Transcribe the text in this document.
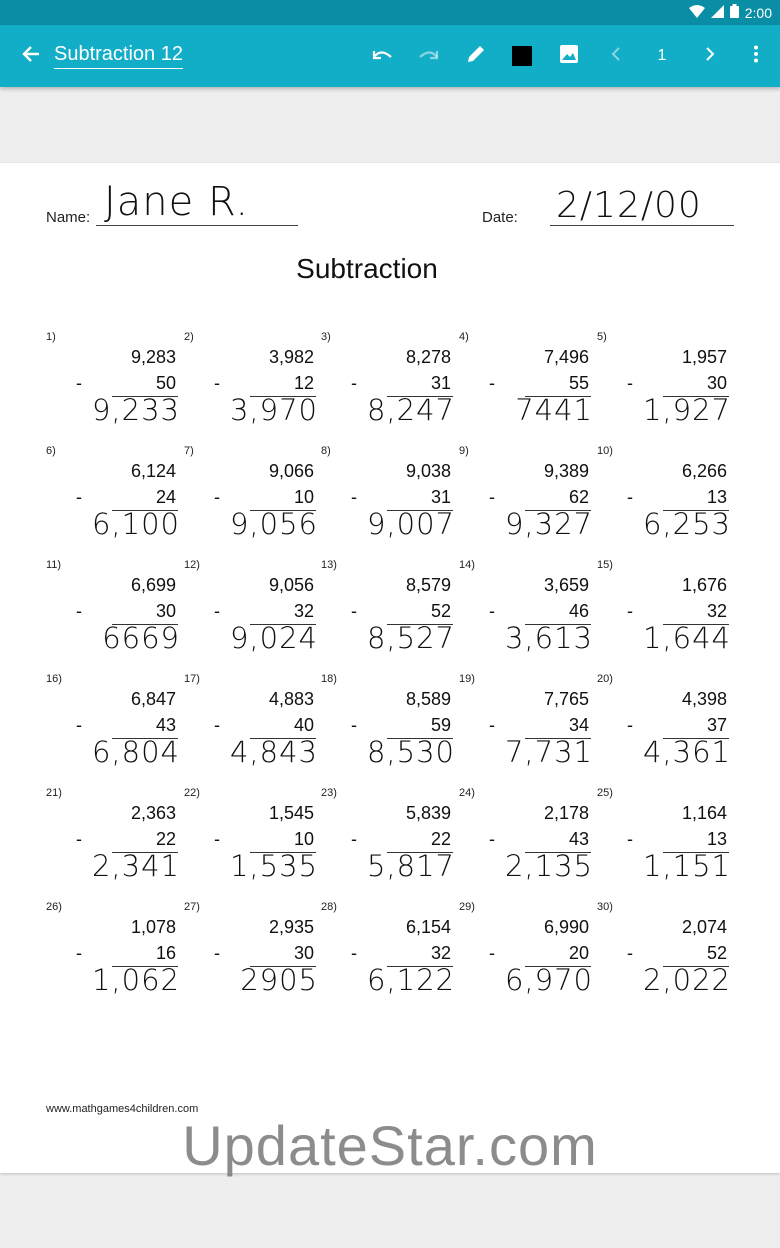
2:00
Subtraction 12	1
Name: Jane R.	Date: 2/12/00
Subtraction
1)
9,283
-	50
9,233
2)
3,982
-	12
3,970
3)
8,278
-	31
8,247
4)
7,496
-	55
7441
5)
1,957
-	30
1,927
6)
6,124
-	24
6,100
7)
9,066
-	10
9,056
8)
9,038
-	31
9,007
9)
9,389
-	62
9,327
10)
6,266
-	13
6,253
11)
6,699
-	30
6669
12)
9,056
-	32
9,024
13)
8,579
-	52
8,527
14)
3,659
-	46
3,613
15)
1,676
-	32
1,644
16)
6,847
-	43
6,804
17)
4,883
-	40
4,843
18)
8,589
-	59
8,530
19)
7,765
-	34
7,731
20)
4,398
-	37
4,361
21)
2,363
-	22
2,341
22)
1,545
-	10
1,535
23)
5,839
-	22
5,817
24)
2,178
-	43
2,135
25)
1,164
-	13
1,151
26)
1,078
-	16
1,062
27)
2,935
-	30
2905
28)
6,154
-	32
6,122
29)
6,990
-	20
6,970
30)
2,074
-	52
2,022
www.mathgames4children.com
UpdateStar.com
